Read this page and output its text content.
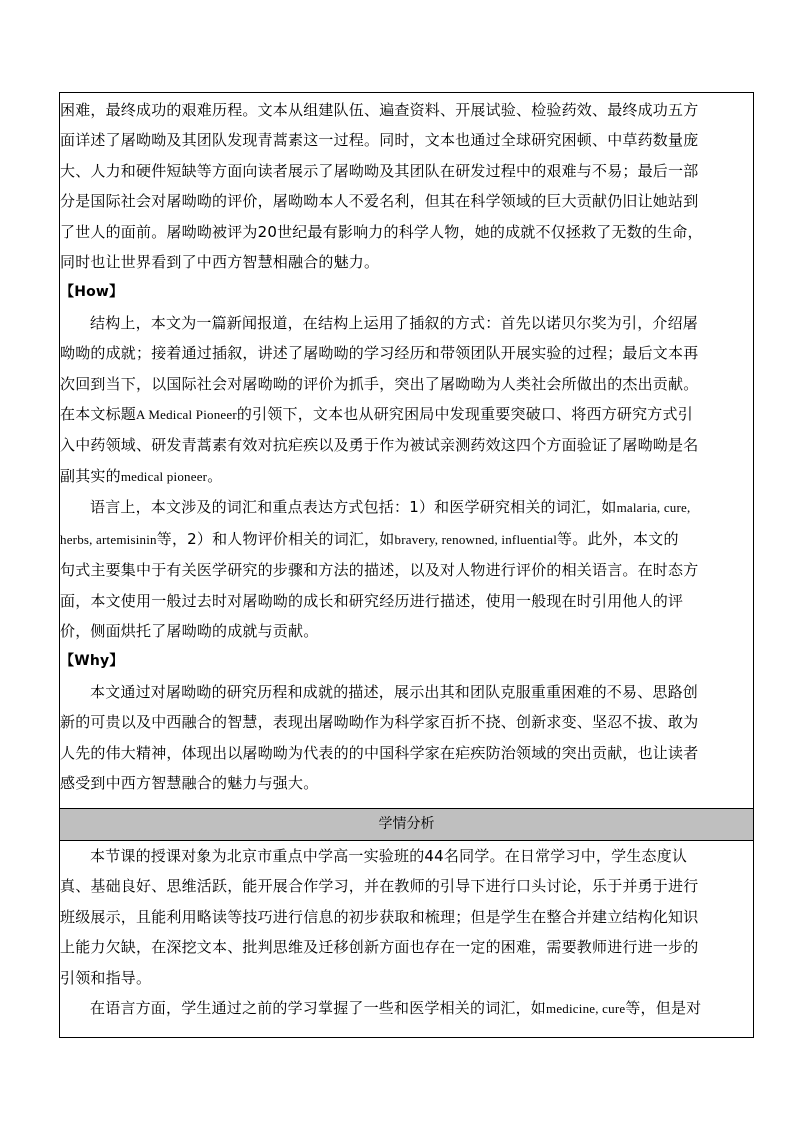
困难，最终成功的艰难历程。文本从组建队伍、遍查资料、开展试验、检验药效、最终成功五方

面详述了屠呦呦及其团队发现青蒿素这一过程。同时，文本也通过全球研究困顿、中草药数量庞

大、人力和硬件短缺等方面向读者展示了屠呦呦及其团队在研发过程中的艰难与不易；最后一部

分是国际社会对屠呦呦的评价，屠呦呦本人不爱名利，但其在科学领域的巨大贡献仍旧让她站到

了世人的面前。屠呦呦被评为20世纪最有影响力的科学人物，她的成就不仅拯救了无数的生命，

同时也让世界看到了中西方智慧相融合的魅力。

【How】

结构上，本文为一篇新闻报道，在结构上运用了插叙的方式：首先以诺贝尔奖为引，介绍屠

呦呦的成就；接着通过插叙，讲述了屠呦呦的学习经历和带领团队开展实验的过程；最后文本再

次回到当下，以国际社会对屠呦呦的评价为抓手，突出了屠呦呦为人类社会所做出的杰出贡献。

在本文标题A Medical Pioneer的引领下，文本也从研究困局中发现重要突破口、将西方研究方式引

入中药领域、研发青蒿素有效对抗疟疾以及勇于作为被试亲测药效这四个方面验证了屠呦呦是名

副其实的medical pioneer。

语言上，本文涉及的词汇和重点表达方式包括：1）和医学研究相关的词汇，如malaria, cure,

herbs, artemisinin等，2）和人物评价相关的词汇，如bravery, renowned, influential等。此外，本文的

句式主要集中于有关医学研究的步骤和方法的描述，以及对人物进行评价的相关语言。在时态方

面，本文使用一般过去时对屠呦呦的成长和研究经历进行描述，使用一般现在时引用他人的评

价，侧面烘托了屠呦呦的成就与贡献。

【Why】

本文通过对屠呦呦的研究历程和成就的描述，展示出其和团队克服重重困难的不易、思路创

新的可贵以及中西融合的智慧，表现出屠呦呦作为科学家百折不挠、创新求变、坚忍不拔、敢为

人先的伟大精神，体现出以屠呦呦为代表的的中国科学家在疟疾防治领域的突出贡献，也让读者

感受到中西方智慧融合的魅力与强大。

学情分析

本节课的授课对象为北京市重点中学高一实验班的44名同学。在日常学习中，学生态度认

真、基础良好、思维活跃，能开展合作学习，并在教师的引导下进行口头讨论，乐于并勇于进行

班级展示，且能利用略读等技巧进行信息的初步获取和梳理；但是学生在整合并建立结构化知识

上能力欠缺，在深挖文本、批判思维及迁移创新方面也存在一定的困难，需要教师进行进一步的

引领和指导。

在语言方面，学生通过之前的学习掌握了一些和医学相关的词汇，如medicine, cure等，但是对
